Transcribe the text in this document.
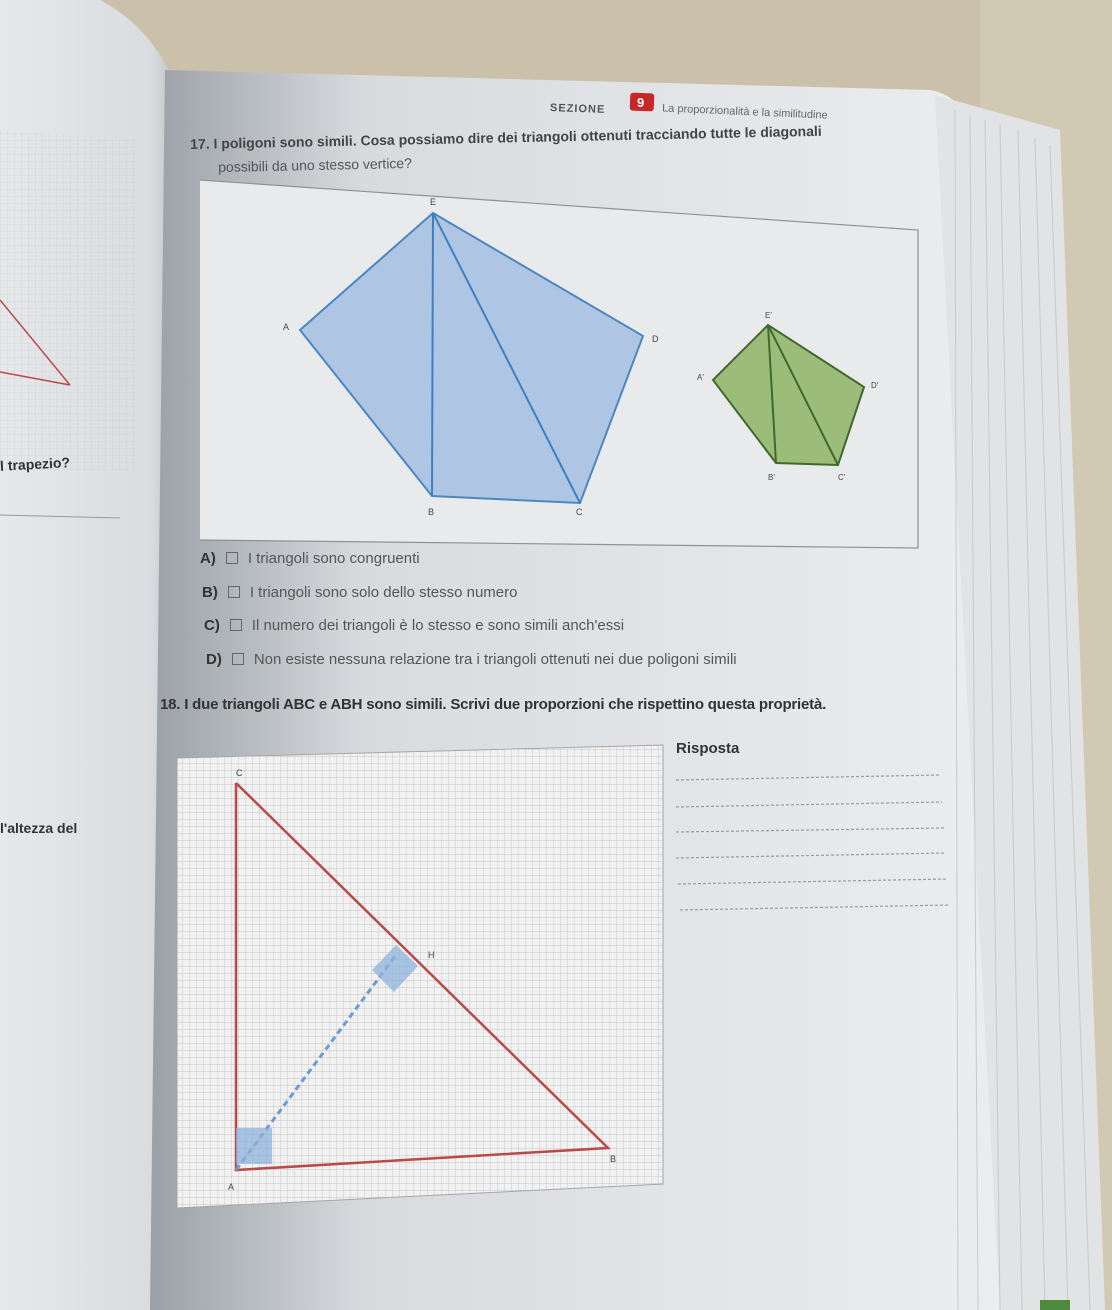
9
E
A
D
B	C
E'
A'
D'
B'	C'
C
B
A
H
SEZIONE	La proporzionalità e la similitudine
l trapezio?
l'altezza del
17. I poligoni sono simili. Cosa possiamo dire dei triangoli ottenuti tracciando tutte le diagonali
possibili da uno stesso vertice?
A) I triangoli sono congruenti
B) I triangoli sono solo dello stesso numero
C) Il numero dei triangoli è lo stesso e sono simili anch'essi
D) Non esiste nessuna relazione tra i triangoli ottenuti nei due poligoni simili
18. I due triangoli ABC e ABH sono simili. Scrivi due proporzioni che rispettino questa proprietà.
Risposta
